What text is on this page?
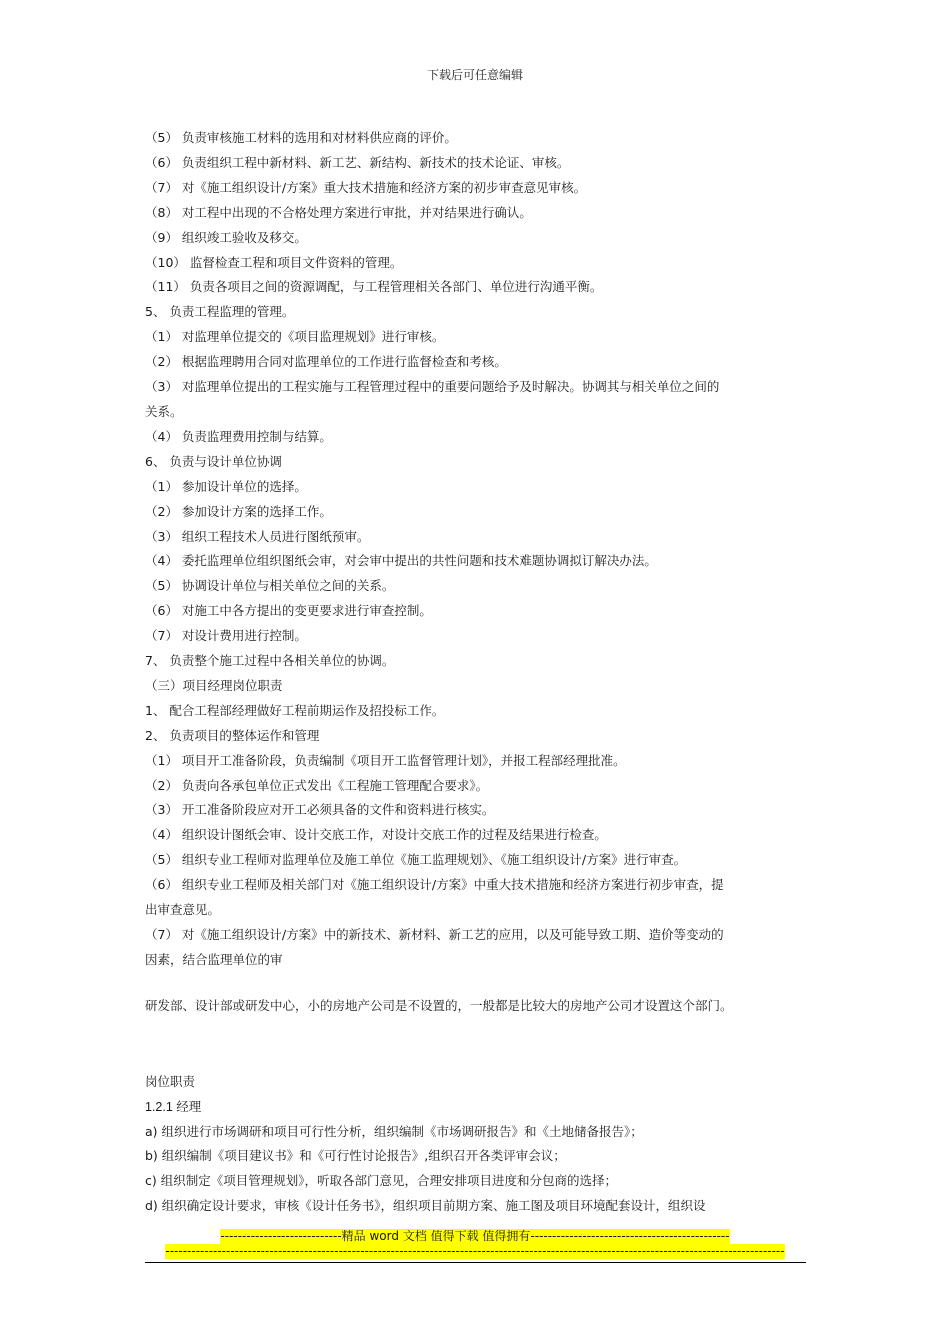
下载后可任意编辑
（5） 负责审核施工材料的选用和对材料供应商的评价。
（6） 负责组织工程中新材料、新工艺、新结构、新技术的技术论证、审核。
（7） 对《施工组织设计/方案》重大技术措施和经济方案的初步审查意见审核。
（8） 对工程中出现的不合格处理方案进行审批，并对结果进行确认。
（9） 组织竣工验收及移交。
（10） 监督检查工程和项目文件资料的管理。
（11） 负责各项目之间的资源调配，与工程管理相关各部门、单位进行沟通平衡。
5、 负责工程监理的管理。
（1） 对监理单位提交的《项目监理规划》进行审核。
（2） 根据监理聘用合同对监理单位的工作进行监督检查和考核。
（3） 对监理单位提出的工程实施与工程管理过程中的重要问题给予及时解决。协调其与相关单位之间的
关系。
（4） 负责监理费用控制与结算。
6、 负责与设计单位协调
（1） 参加设计单位的选择。
（2） 参加设计方案的选择工作。
（3） 组织工程技术人员进行图纸预审。
（4） 委托监理单位组织图纸会审，对会审中提出的共性问题和技术难题协调拟订解决办法。
（5） 协调设计单位与相关单位之间的关系。
（6） 对施工中各方提出的变更要求进行审查控制。
（7） 对设计费用进行控制。
7、 负责整个施工过程中各相关单位的协调。
（三）项目经理岗位职责
1、 配合工程部经理做好工程前期运作及招投标工作。
2、 负责项目的整体运作和管理
（1） 项目开工准备阶段，负责编制《项目开工监督管理计划》，并报工程部经理批准。
（2） 负责向各承包单位正式发出《工程施工管理配合要求》。
（3） 开工准备阶段应对开工必须具备的文件和资料进行核实。
（4） 组织设计图纸会审、设计交底工作，对设计交底工作的过程及结果进行检查。
（5） 组织专业工程师对监理单位及施工单位《施工监理规划》、《施工组织设计/方案》进行审查。
（6） 组织专业工程师及相关部门对《施工组织设计/方案》中重大技术措施和经济方案进行初步审查，提
出审查意见。
（7） 对《施工组织设计/方案》中的新技术、新材料、新工艺的应用，以及可能导致工期、造价等变动的
因素，结合监理单位的审
研发部、设计部或研发中心，小的房地产公司是不设置的，一般都是比较大的房地产公司才设置这个部门。
岗位职责
1.2.1 经理
a) 组织进行市场调研和项目可行性分析，组织编制《市场调研报告》和《土地储备报告》；
b) 组织编制《项目建议书》和《可行性讨论报告》,组织召开各类评审会议；
c) 组织制定《项目管理规划》，听取各部门意见，合理安排项目进度和分包商的选择；
d) 组织确定设计要求，审核《设计任务书》，组织项目前期方案、施工图及项目环境配套设计，组织设
----------------------------精品 word 文档 值得下载 值得拥有----------------------------------------------
-----------------------------------------------------------------------------------------------------------------------------------------------
